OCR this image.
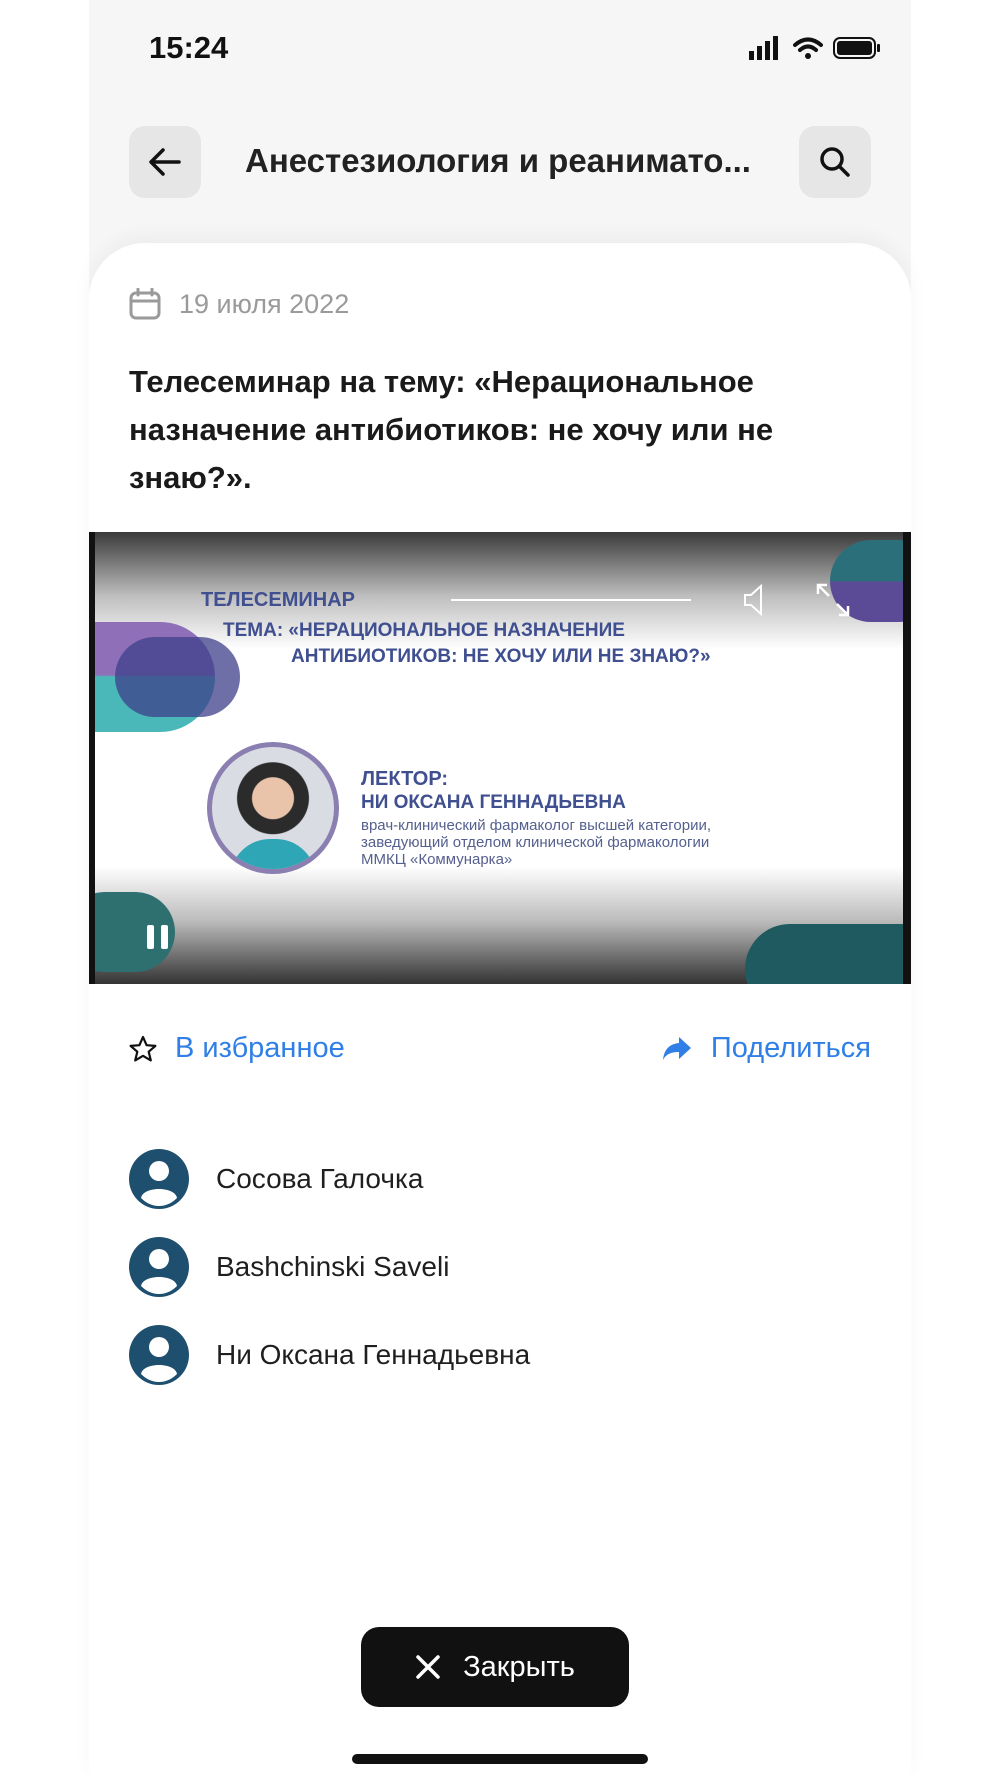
15:24
Анестезиология и реанимато...
19 июля 2022
Телесеминар на тему: «Нерациональное назначение антибиотиков: не хочу или не знаю?».
ТЕЛЕСЕМИНАР
ТЕМА: «НЕРАЦИОНАЛЬНОЕ НАЗНАЧЕНИЕ
АНТИБИОТИКОВ: НЕ ХОЧУ ИЛИ НЕ ЗНАЮ?»
ЛЕКТОР:
НИ ОКСАНА ГЕННАДЬЕВНА
врач-клинический фармаколог высшей категории,
заведующий отделом клинической фармакологии
ММКЦ «Коммунарка»
В избранное	Поделиться
Сосова Галочка
Bashchinski Saveli
Ни Оксана Геннадьевна
Закрыть
